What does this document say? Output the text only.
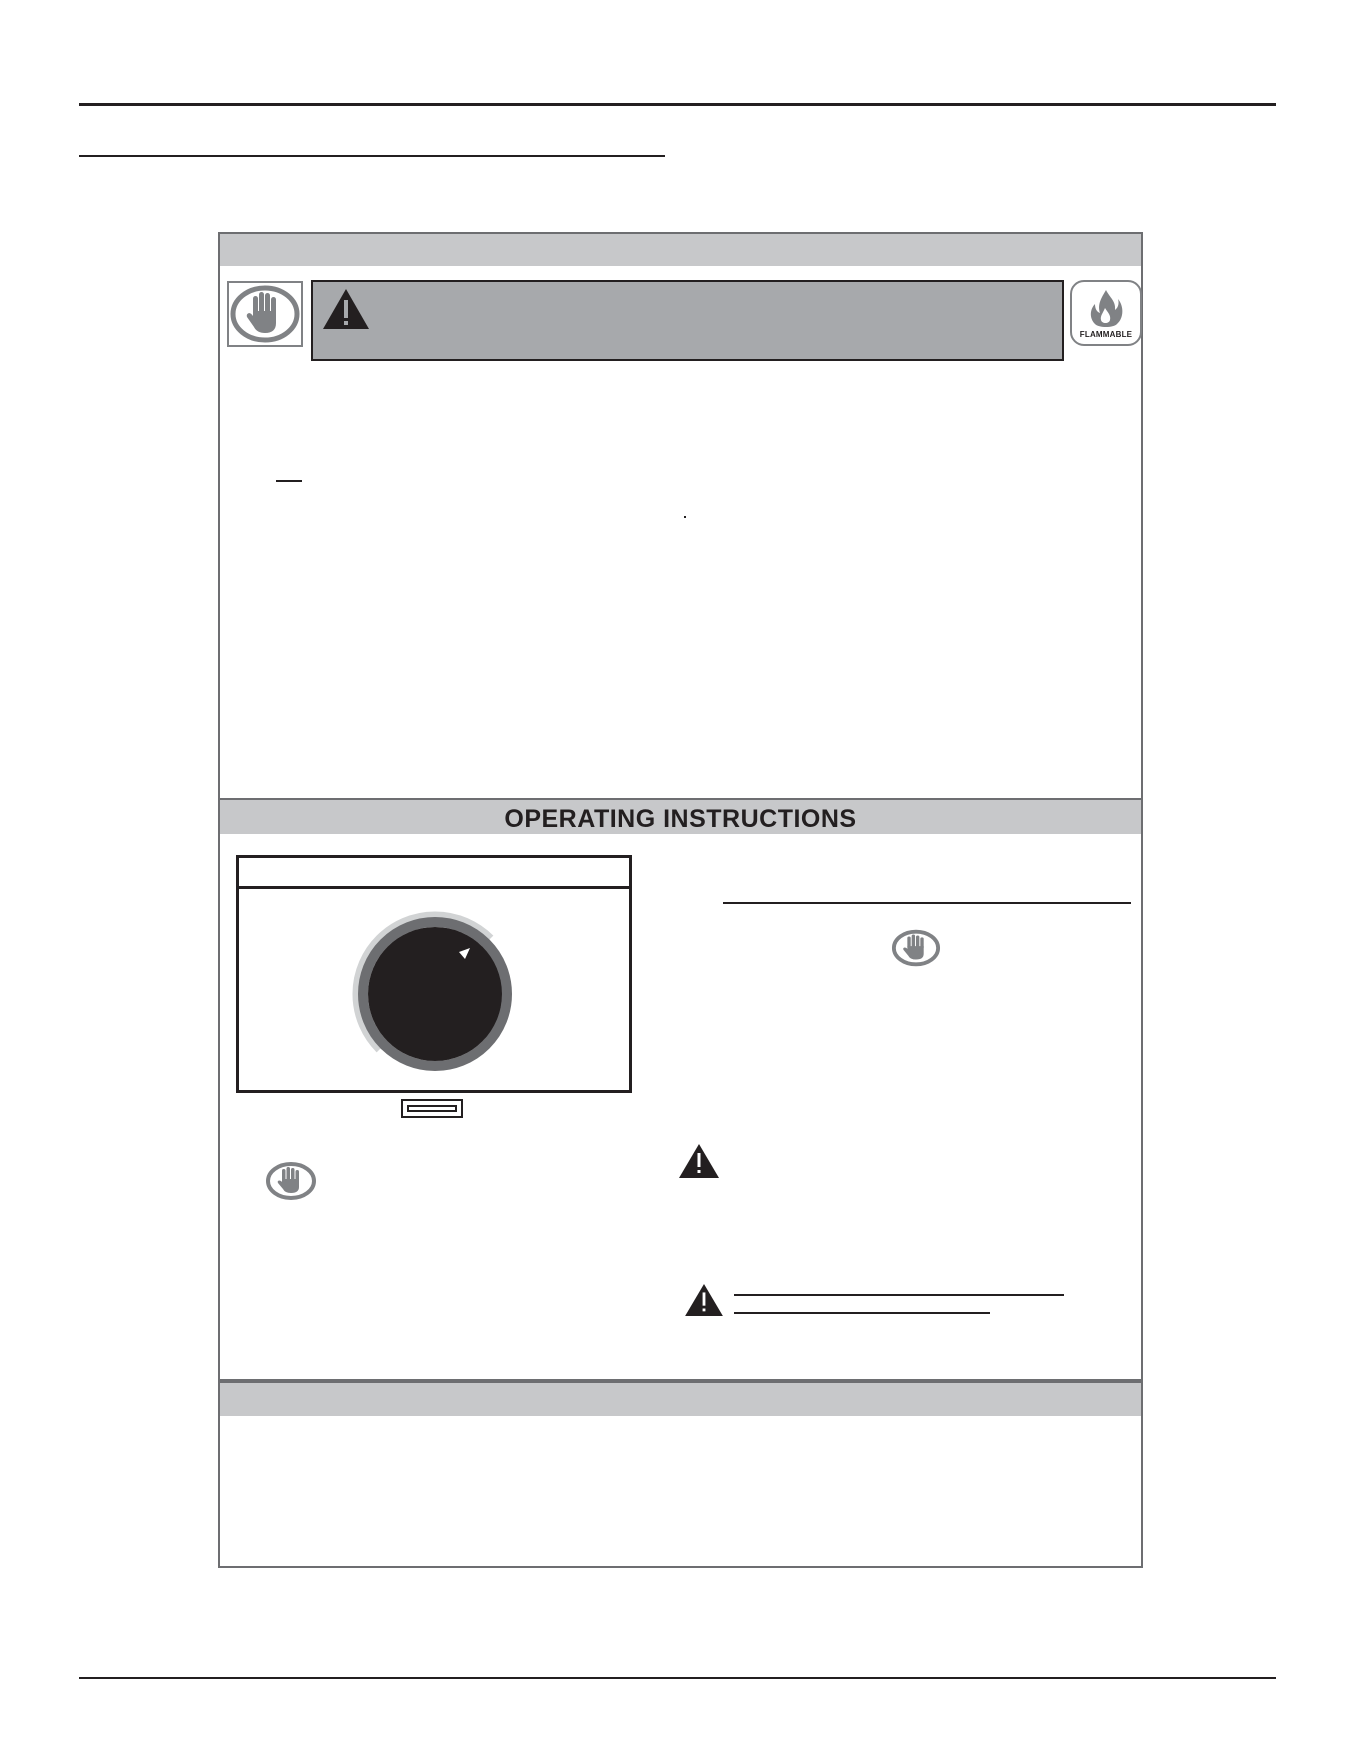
FLAMMABLE
OPERATING INSTRUCTIONS
